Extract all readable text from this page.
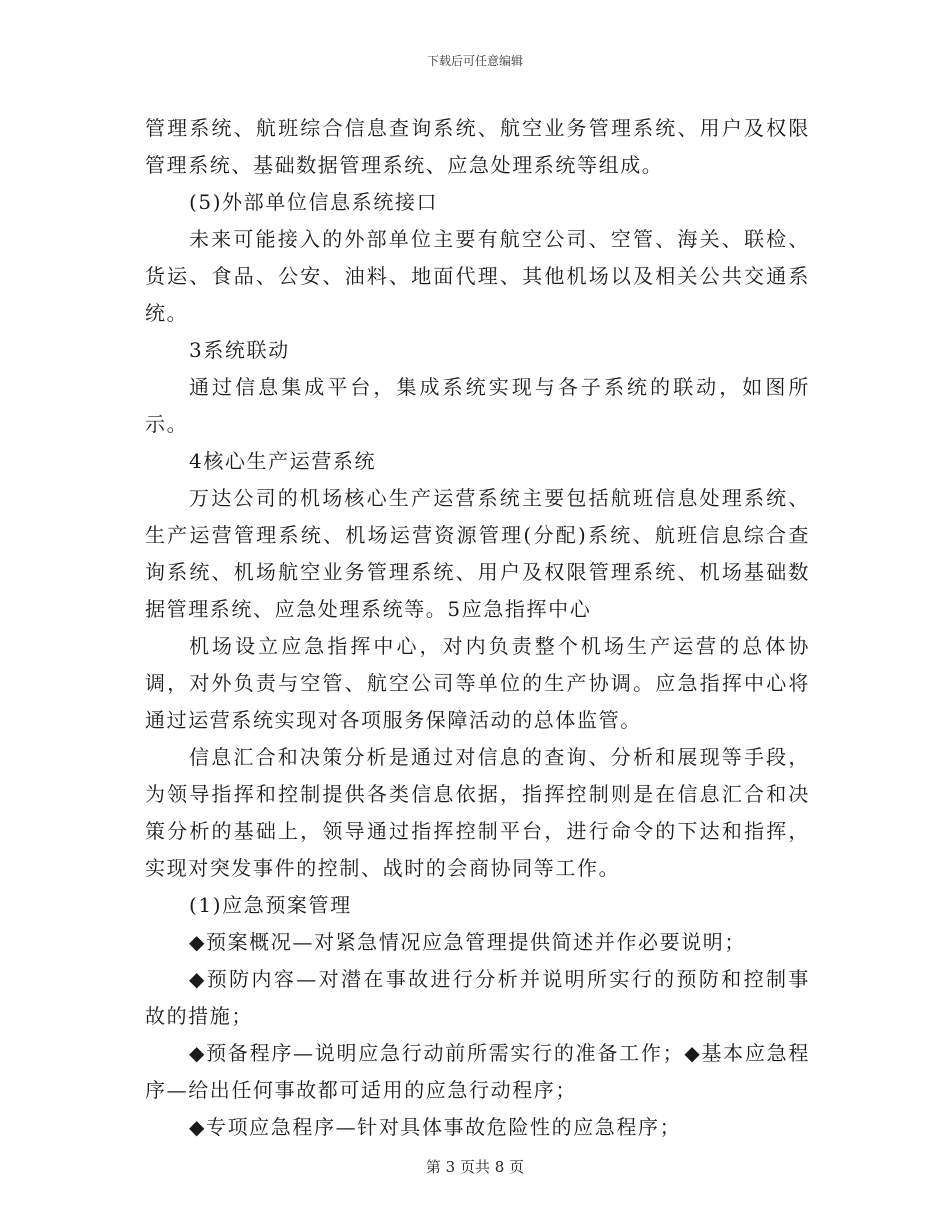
下载后可任意编辑

管理系统、航班综合信息查询系统、航空业务管理系统、用户及权限管理系统、基础数据管理系统、应急处理系统等组成。

(5)外部单位信息系统接口

未来可能接入的外部单位主要有航空公司、空管、海关、联检、货运、食品、公安、油料、地面代理、其他机场以及相关公共交通系统。

3系统联动

通过信息集成平台，集成系统实现与各子系统的联动，如图所示。

4核心生产运营系统

万达公司的机场核心生产运营系统主要包括航班信息处理系统、生产运营管理系统、机场运营资源管理(分配)系统、航班信息综合查询系统、机场航空业务管理系统、用户及权限管理系统、机场基础数据管理系统、应急处理系统等。5应急指挥中心

机场设立应急指挥中心，对内负责整个机场生产运营的总体协调，对外负责与空管、航空公司等单位的生产协调。应急指挥中心将通过运营系统实现对各项服务保障活动的总体监管。

信息汇合和决策分析是通过对信息的查询、分析和展现等手段，为领导指挥和控制提供各类信息依据，指挥控制则是在信息汇合和决策分析的基础上，领导通过指挥控制平台，进行命令的下达和指挥，实现对突发事件的控制、战时的会商协同等工作。

(1)应急预案管理

◆预案概况—对紧急情况应急管理提供简述并作必要说明；

◆预防内容—对潜在事故进行分析并说明所实行的预防和控制事故的措施；

◆预备程序—说明应急行动前所需实行的准备工作；◆基本应急程序—给出任何事故都可适用的应急行动程序；

◆专项应急程序—针对具体事故危险性的应急程序；

第 3 页共 8 页
